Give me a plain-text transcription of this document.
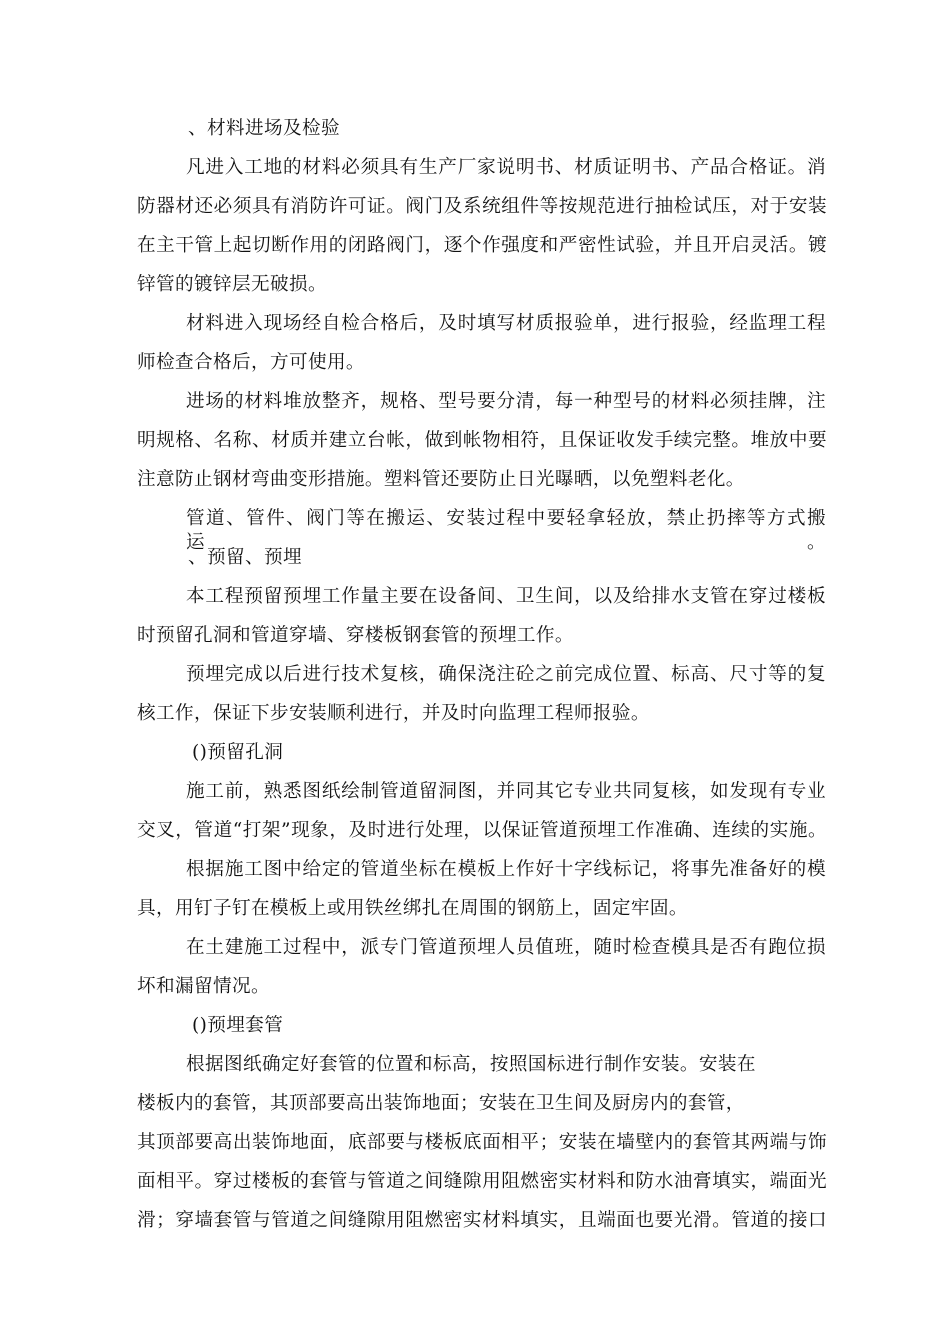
、材料进场及检验
凡进入工地的材料必须具有生产厂家说明书、材质证明书、产品合格证。消
防器材还必须具有消防许可证。阀门及系统组件等按规范进行抽检试压，对于安装
在主干管上起切断作用的闭路阀门，逐个作强度和严密性试验，并且开启灵活。镀
锌管的镀锌层无破损。
材料进入现场经自检合格后，及时填写材质报验单，进行报验，经监理工程
师检查合格后，方可使用。
进场的材料堆放整齐，规格、型号要分清，每一种型号的材料必须挂牌，注
明规格、名称、材质并建立台帐，做到帐物相符，且保证收发手续完整。堆放中要
注意防止钢材弯曲变形措施。塑料管还要防止日光曝晒，以免塑料老化。
管道、管件、阀门等在搬运、安装过程中要轻拿轻放，禁止扔摔等方式搬运。
、预留、预埋
本工程预留预埋工作量主要在设备间、卫生间，以及给排水支管在穿过楼板
时预留孔洞和管道穿墙、穿楼板钢套管的预埋工作。
预埋完成以后进行技术复核，确保浇注砼之前完成位置、标高、尺寸等的复
核工作，保证下步安装顺利进行，并及时向监理工程师报验。
()预留孔洞
施工前，熟悉图纸绘制管道留洞图，并同其它专业共同复核，如发现有专业
交叉，管道“打架”现象，及时进行处理，以保证管道预埋工作准确、连续的实施。
根据施工图中给定的管道坐标在模板上作好十字线标记，将事先准备好的模
具，用钉子钉在模板上或用铁丝绑扎在周围的钢筋上，固定牢固。
在土建施工过程中，派专门管道预埋人员值班，随时检查模具是否有跑位损
坏和漏留情况。
()预埋套管
根据图纸确定好套管的位置和标高，按照国标进行制作安装。安装在
楼板内的套管，其顶部要高出装饰地面；安装在卫生间及厨房内的套管，
其顶部要高出装饰地面，底部要与楼板底面相平；安装在墙壁内的套管其两端与饰
面相平。穿过楼板的套管与管道之间缝隙用阻燃密实材料和防水油膏填实，端面光
滑；穿墙套管与管道之间缝隙用阻燃密实材料填实，且端面也要光滑。管道的接口
